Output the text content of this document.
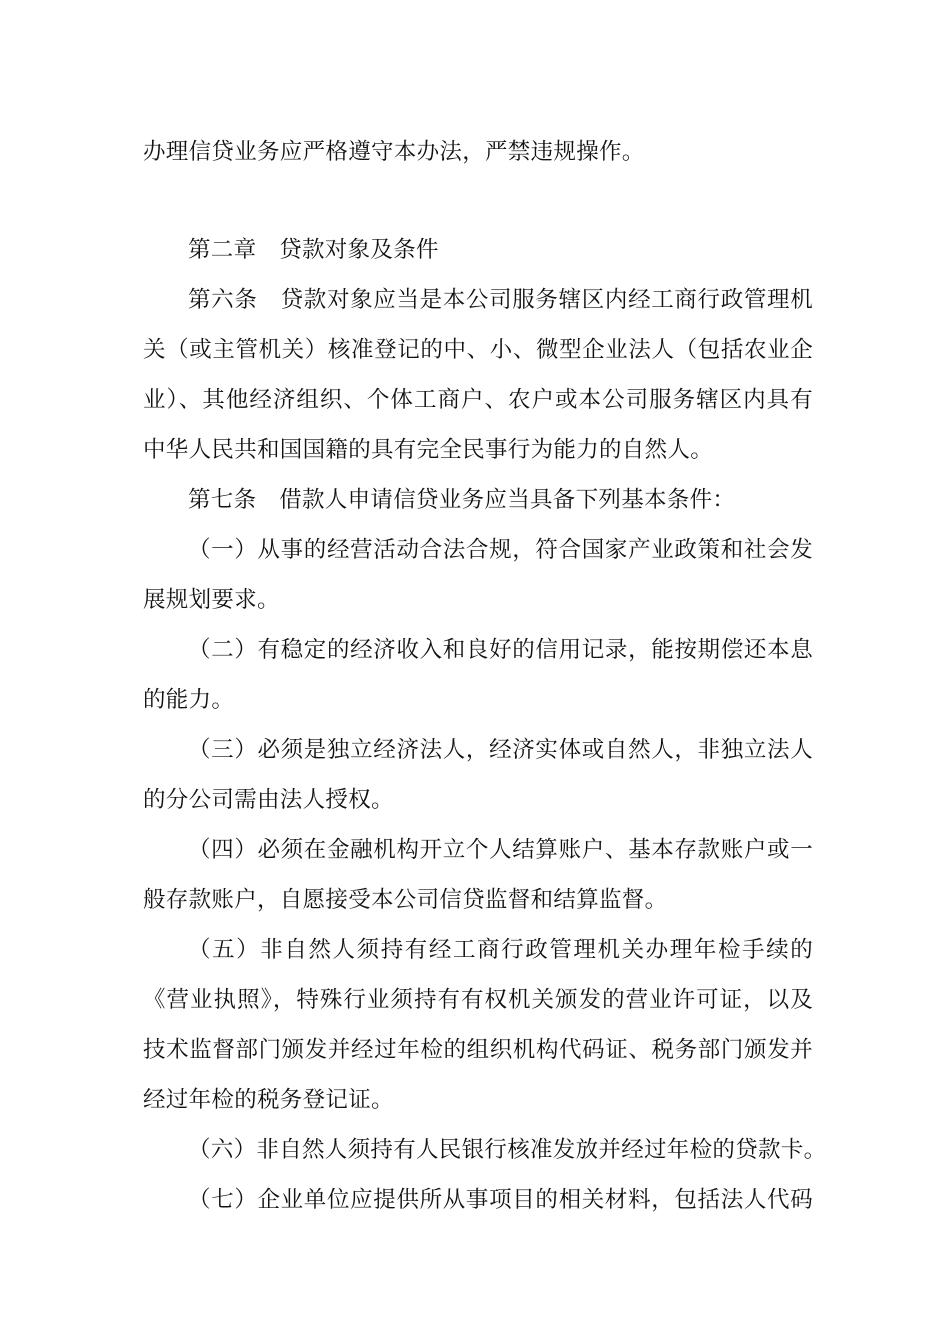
办理信贷业务应严格遵守本办法，严禁违规操作。
第二章　贷款对象及条件
第六条　贷款对象应当是本公司服务辖区内经工商行政管理机
关（或主管机关）核准登记的中、小、微型企业法人（包括农业企
业）、其他经济组织、个体工商户、农户或本公司服务辖区内具有
中华人民共和国国籍的具有完全民事行为能力的自然人。
第七条　借款人申请信贷业务应当具备下列基本条件：
（一）从事的经营活动合法合规，符合国家产业政策和社会发
展规划要求。
（二）有稳定的经济收入和良好的信用记录，能按期偿还本息
的能力。
（三）必须是独立经济法人，经济实体或自然人，非独立法人
的分公司需由法人授权。
（四）必须在金融机构开立个人结算账户、基本存款账户或一
般存款账户，自愿接受本公司信贷监督和结算监督。
（五）非自然人须持有经工商行政管理机关办理年检手续的
《营业执照》，特殊行业须持有有权机关颁发的营业许可证，以及
技术监督部门颁发并经过年检的组织机构代码证、税务部门颁发并
经过年检的税务登记证。
（六）非自然人须持有人民银行核准发放并经过年检的贷款卡。
（七）企业单位应提供所从事项目的相关材料，包括法人代码
